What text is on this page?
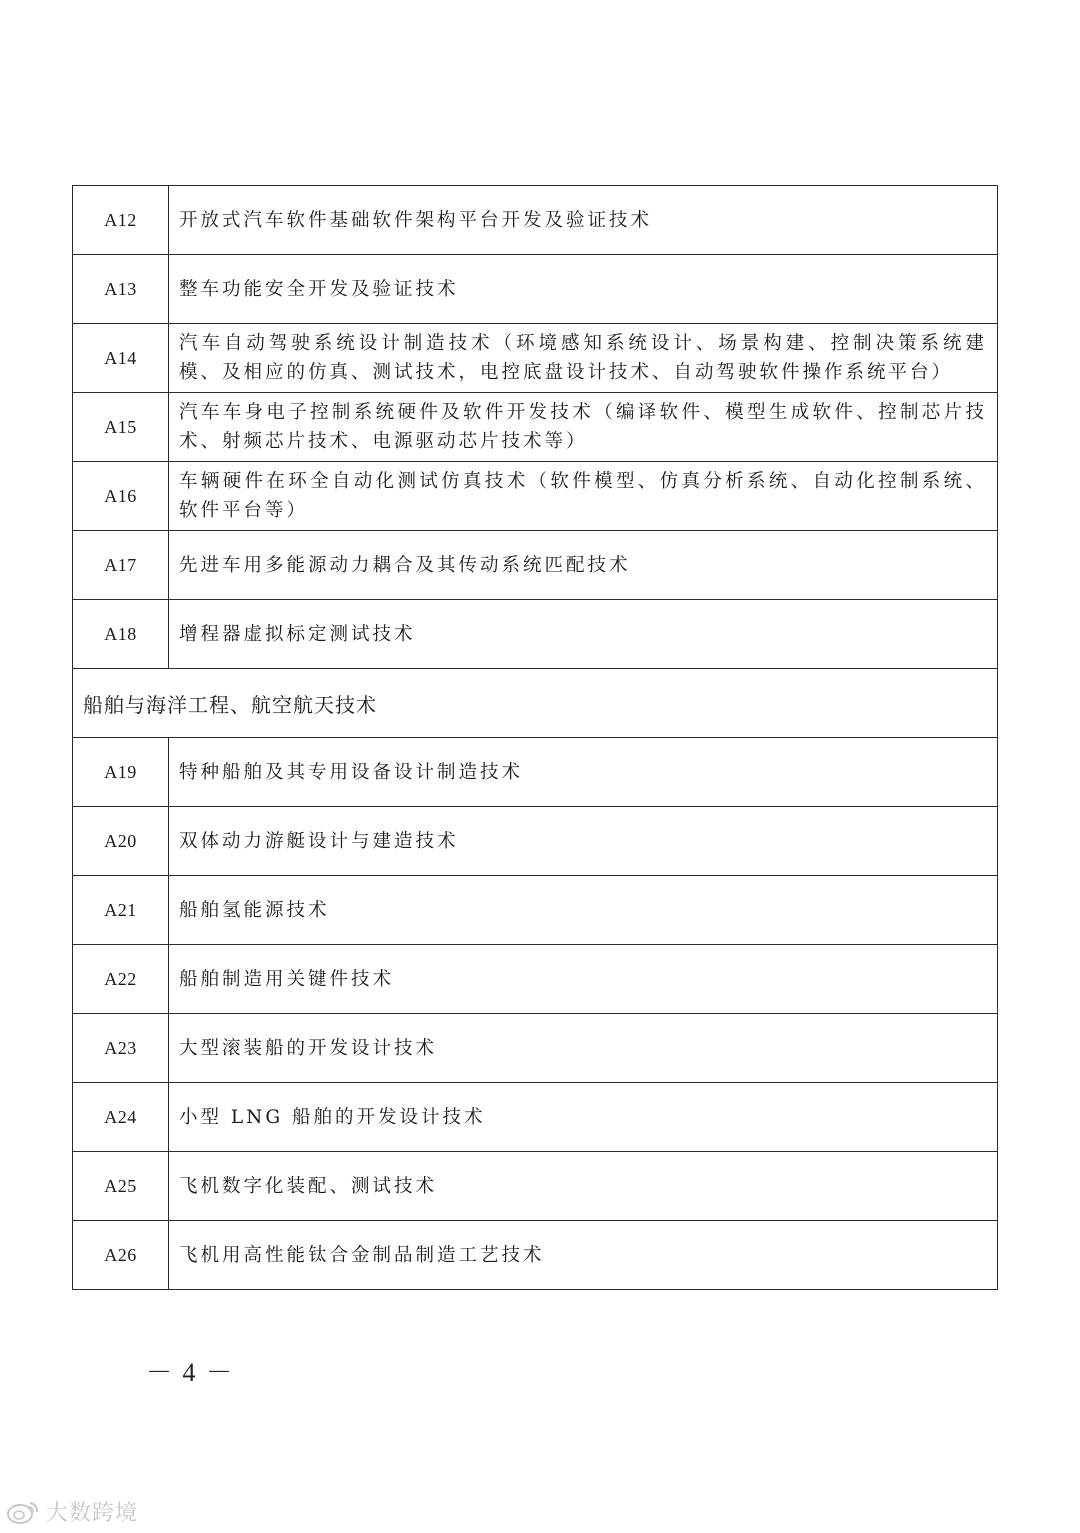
A12	开放式汽车软件基础软件架构平台开发及验证技术
A13	整车功能安全开发及验证技术
A14	汽车自动驾驶系统设计制造技术（环境感知系统设计、场景构建、控制决策系统建模、及相应的仿真、测试技术，电控底盘设计技术、自动驾驶软件操作系统平台）
A15	汽车车身电子控制系统硬件及软件开发技术（编译软件、模型生成软件、控制芯片技术、射频芯片技术、电源驱动芯片技术等）
A16	车辆硬件在环全自动化测试仿真技术（软件模型、仿真分析系统、自动化控制系统、软件平台等）
A17	先进车用多能源动力耦合及其传动系统匹配技术
A18	增程器虚拟标定测试技术
船舶与海洋工程、航空航天技术	
A19	特种船舶及其专用设备设计制造技术
A20	双体动力游艇设计与建造技术
A21	船舶氢能源技术
A22	船舶制造用关键件技术
A23	大型滚装船的开发设计技术
A24	小型 LNG 船舶的开发设计技术
A25	飞机数字化装配、测试技术
A26	飞机用高性能钛合金制品制造工艺技术
－ 4 －
大数跨境
